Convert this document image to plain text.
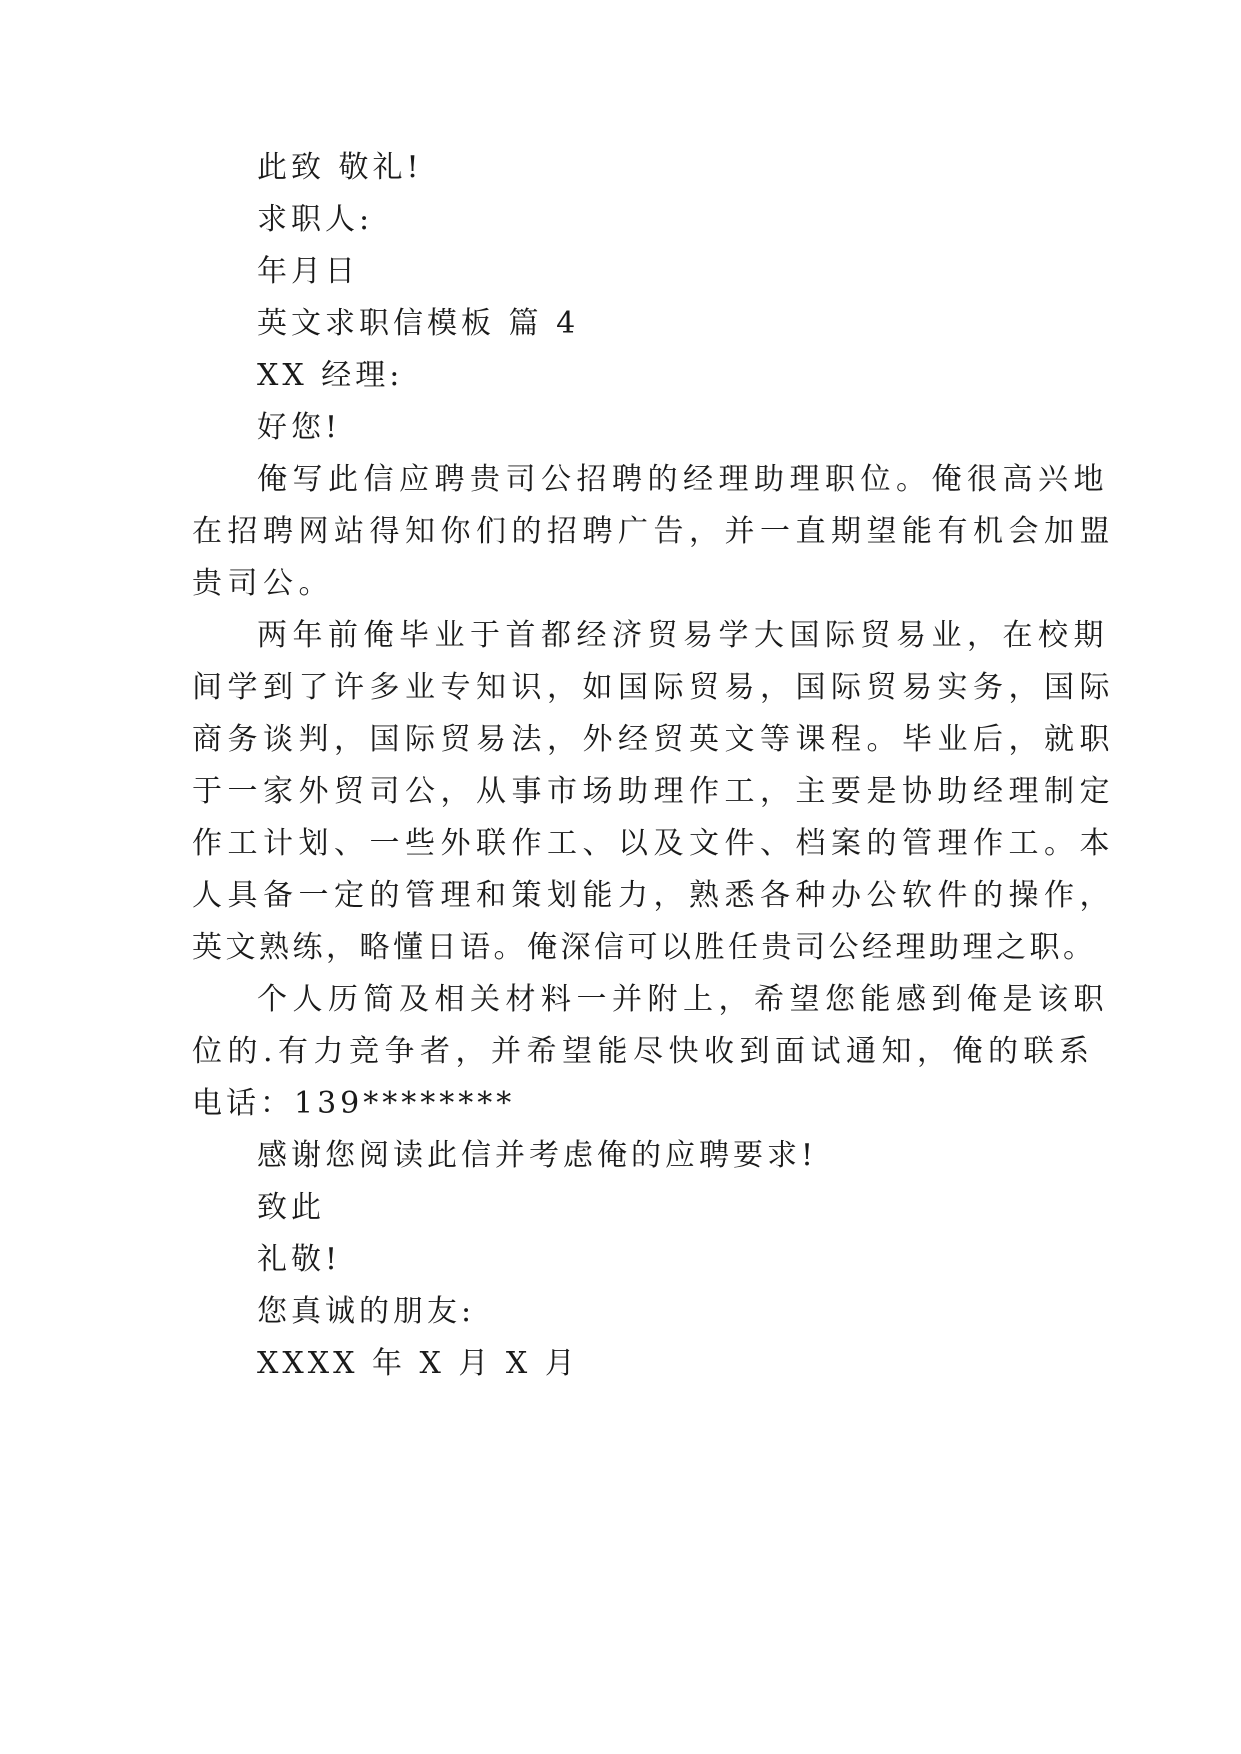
此致 敬礼!
求职人:
年月日
英文求职信模板 篇 4
XX 经理:
好您!
俺写此信应聘贵司公招聘的经理助理职位。俺很高兴地
在招聘网站得知你们的招聘广告，并一直期望能有机会加盟
贵司公。
两年前俺毕业于首都经济贸易学大国际贸易业，在校期
间学到了许多业专知识，如国际贸易，国际贸易实务，国际
商务谈判，国际贸易法，外经贸英文等课程。毕业后，就职
于一家外贸司公，从事市场助理作工，主要是协助经理制定
作工计划、一些外联作工、以及文件、档案的管理作工。本
人具备一定的管理和策划能力，熟悉各种办公软件的操作，
英文熟练，略懂日语。俺深信可以胜任贵司公经理助理之职。
个人历简及相关材料一并附上，希望您能感到俺是该职
位的.有力竞争者，并希望能尽快收到面试通知，俺的联系
电话：139********
感谢您阅读此信并考虑俺的应聘要求!
致此
礼敬!
您真诚的朋友:
XXXX 年 X 月 X 月
